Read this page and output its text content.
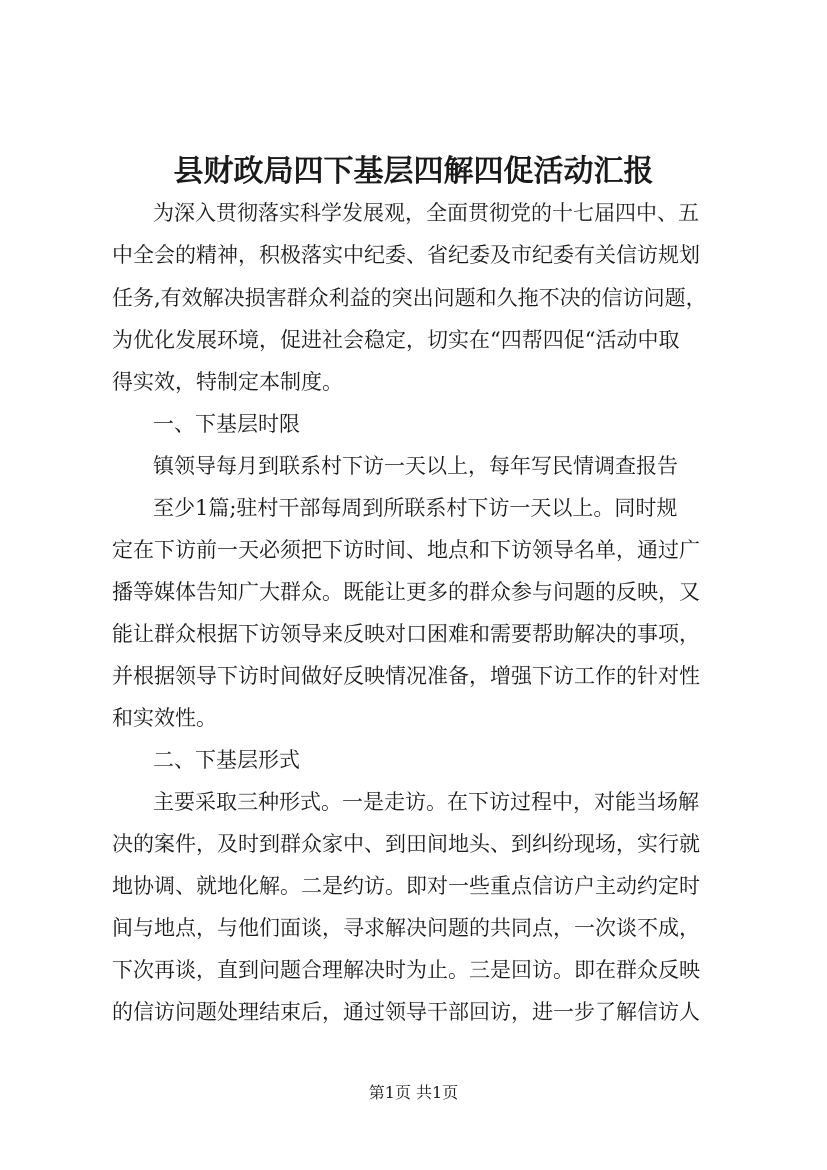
县财政局四下基层四解四促活动汇报

为深入贯彻落实科学发展观，全面贯彻党的十七届四中、五

中全会的精神，积极落实中纪委、省纪委及市纪委有关信访规划

任务,有效解决损害群众利益的突出问题和久拖不决的信访问题，

为优化发展环境，促进社会稳定，切实在“四帮四促“活动中取

得实效，特制定本制度。

一、下基层时限

镇领导每月到联系村下访一天以上，每年写民情调查报告

至少1篇;驻村干部每周到所联系村下访一天以上。同时规

定在下访前一天必须把下访时间、地点和下访领导名单，通过广

播等媒体告知广大群众。既能让更多的群众参与问题的反映，又

能让群众根据下访领导来反映对口困难和需要帮助解决的事项，

并根据领导下访时间做好反映情况准备，增强下访工作的针对性

和实效性。

二、下基层形式

主要采取三种形式。一是走访。在下访过程中，对能当场解

决的案件，及时到群众家中、到田间地头、到纠纷现场，实行就

地协调、就地化解。二是约访。即对一些重点信访户主动约定时

间与地点，与他们面谈，寻求解决问题的共同点，一次谈不成，

下次再谈，直到问题合理解决时为止。三是回访。即在群众反映

的信访问题处理结束后，通过领导干部回访，进一步了解信访人

第1页 共1页
